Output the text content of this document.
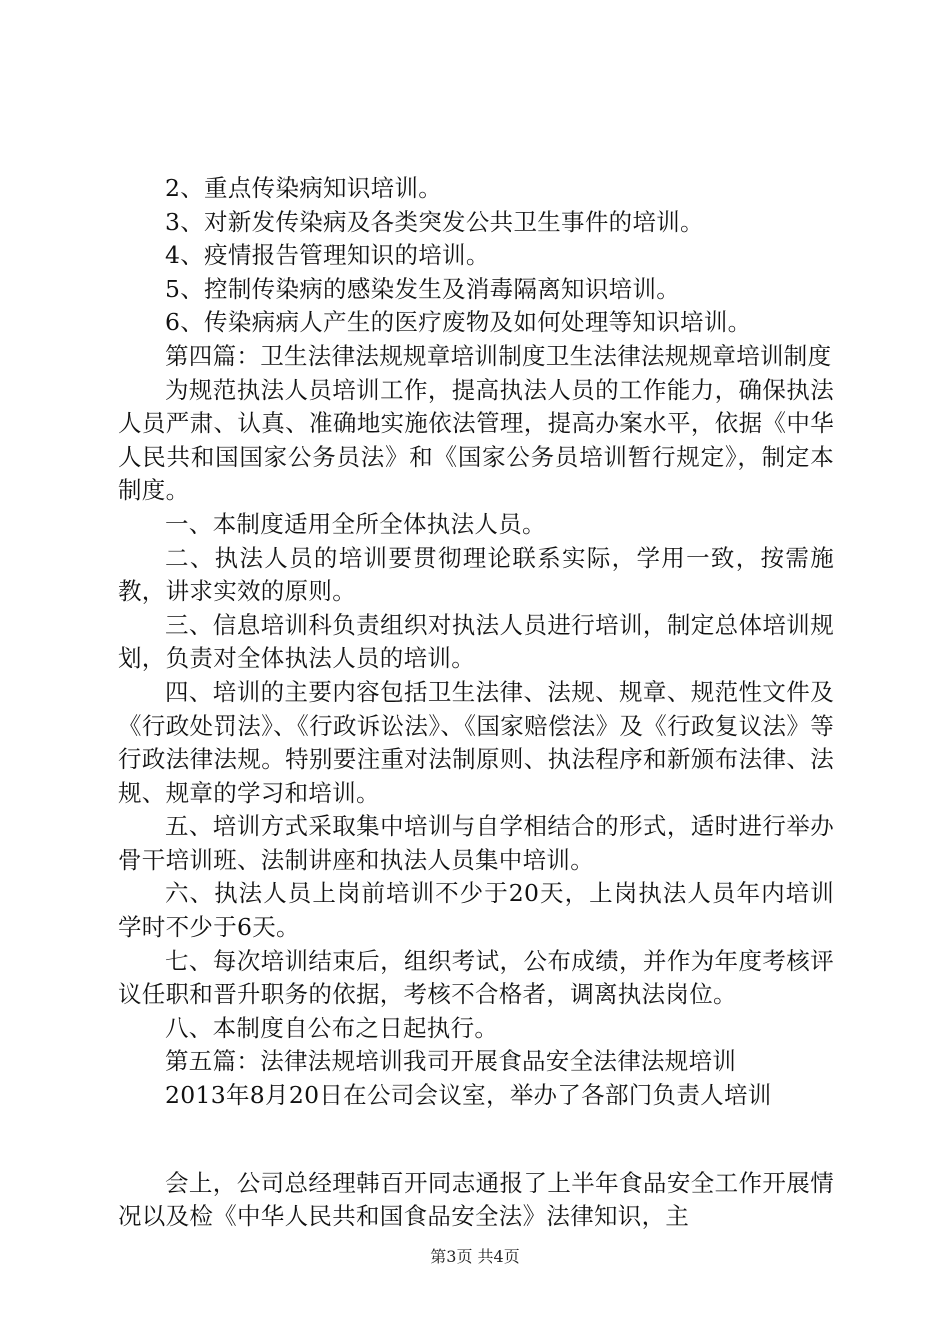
2、重点传染病知识培训。

3、对新发传染病及各类突发公共卫生事件的培训。

4、疫情报告管理知识的培训。

5、控制传染病的感染发生及消毒隔离知识培训。

6、传染病病人产生的医疗废物及如何处理等知识培训。

第四篇：卫生法律法规规章培训制度卫生法律法规规章培训制度

为规范执法人员培训工作，提高执法人员的工作能力，确保执法人员严肃、认真、准确地实施依法管理，提高办案水平，依据《中华人民共和国国家公务员法》和《国家公务员培训暂行规定》，制定本制度。

一、本制度适用全所全体执法人员。

二、执法人员的培训要贯彻理论联系实际，学用一致，按需施教，讲求实效的原则。

三、信息培训科负责组织对执法人员进行培训，制定总体培训规划，负责对全体执法人员的培训。

四、培训的主要内容包括卫生法律、法规、规章、规范性文件及《行政处罚法》、《行政诉讼法》、《国家赔偿法》及《行政复议法》等行政法律法规。特别要注重对法制原则、执法程序和新颁布法律、法规、规章的学习和培训。

五、培训方式采取集中培训与自学相结合的形式，适时进行举办骨干培训班、法制讲座和执法人员集中培训。

六、执法人员上岗前培训不少于20天，上岗执法人员年内培训学时不少于6天。

七、每次培训结束后，组织考试，公布成绩，并作为年度考核评议任职和晋升职务的依据，考核不合格者，调离执法岗位。

八、本制度自公布之日起执行。

第五篇：法律法规培训我司开展食品安全法律法规培训

2013年8月20日在公司会议室，举办了各部门负责人培训

会上，公司总经理韩百开同志通报了上半年食品安全工作开展情况以及检《中华人民共和国食品安全法》法律知识，主

第3页 共4页
